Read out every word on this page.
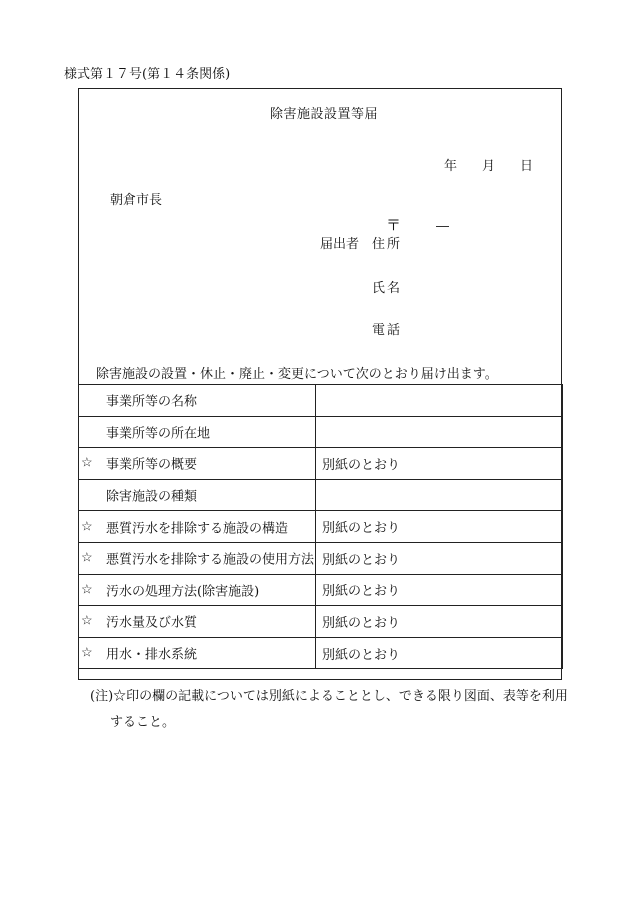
様式第１７号(第１４条関係)
除害施設設置等届
年 月 日
朝倉市長
〒	―
届出者 住所
氏名
電話
除害施設の設置・休止・廃止・変更について次のとおり届け出ます。
事業所等の名称	

事業所等の所在地	

☆ 事業所等の概要	別紙のとおり

除害施設の種類	

☆ 悪質汚水を排除する施設の構造	別紙のとおり

☆ 悪質汚水を排除する施設の使用方法	別紙のとおり

☆ 汚水の処理方法(除害施設)	別紙のとおり

☆ 汚水量及び水質	別紙のとおり

☆ 用水・排水系統	別紙のとおり
(注)☆印の欄の記載については別紙によることとし、できる限り図面、表等を利用
すること。
